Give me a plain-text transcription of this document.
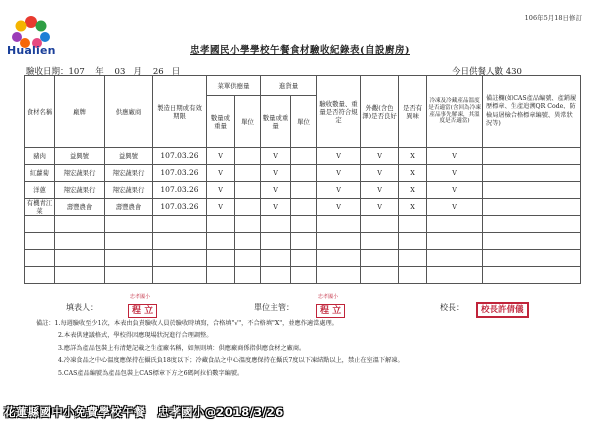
Hualien
106年5月18日修訂
忠孝國民小學學校午餐食材驗收紀錄表(自設廚房)
驗收日期：107 年 03 月 26 日	今日供餐人數 430
食材名稱	廠牌	供應廠商	製造日期或有效期限	菜單供應量		進貨量		驗收數量、重量是否符合規定	外觀(含色澤)是否良好	是否有異味	冷凍及冷藏產品溫度是否適當(含回為冷凍產品事先解凍，其溫度是否適當)	備註欄(如CAS產品編號、產銷履歷標章、生產追溯QR Code、防檢局屠檢合格標章編號、異常狀況等)
				數量或重量	單位	數量或重量	單位					
豬肉	益興號	益興號	107.03.26	V		V		V	V	X	V	
紅蘿蔔	翔宏蔬果行	翔宏蔬果行	107.03.26	V		V		V	V	X	V	
洋蔥	翔宏蔬果行	翔宏蔬果行	107.03.26	V		V		V	V	X	V	
有機青江菜	壽豐農會	壽豐農會	107.03.26	V		V		V	V	X	V	

填表人：	程 立
忠孝國小
單位主管：	程 立
忠孝國小
校長：	校長許倩儀
備註：1.每週驗收至少1次，本表由負責驗收人員於驗收時填寫，合格填"√"，不合格填"X"，並應作適當處理。
2.本表供建議格式，學校得因應現場狀況進行合理調整。
3.應詳為產品包裝上有清楚記載之生產廠名稱，如無則填：供應廠商係指供應食材之廠商。
4.冷凍食品之中心溫度應保持在攝氏負18度以下；冷藏食品之中心溫度應保持在攝氏7度以下凍結點以上，禁止在室溫下解凍。
5.CAS產品編號為產品包裝上CAS標章下方之6碼阿拉伯數字編號。
花蓮縣國中小免費學校午餐　忠孝國小@2018/3/26
